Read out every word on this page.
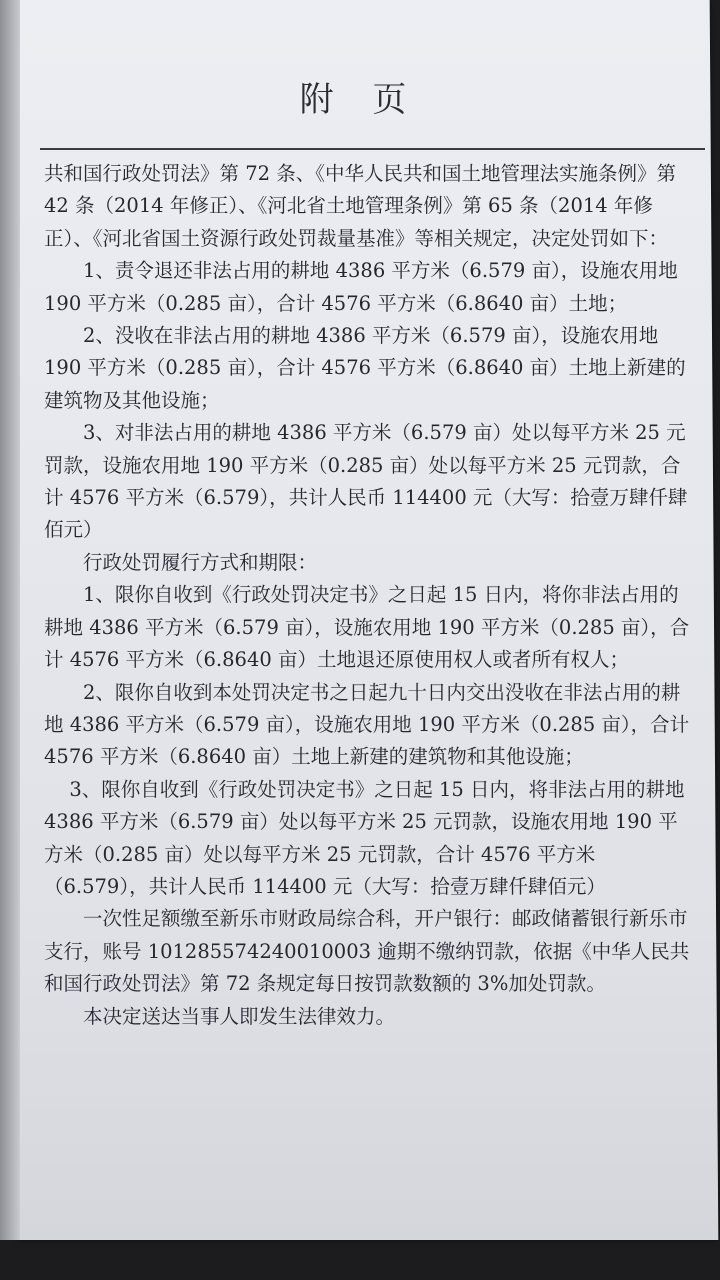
附 页

共和国行政处罚法》第 72 条、《中华人民共和国土地管理法实施条例》第 42 条（2014 年修正）、《河北省土地管理条例》第 65 条（2014 年修正）、《河北省国土资源行政处罚裁量基准》等相关规定，决定处罚如下：

1、责令退还非法占用的耕地 4386 平方米（6.579 亩），设施农用地 190 平方米（0.285 亩），合计 4576 平方米（6.8640 亩）土地；

2、没收在非法占用的耕地 4386 平方米（6.579 亩），设施农用地 190 平方米（0.285 亩），合计 4576 平方米（6.8640 亩）土地上新建的建筑物及其他设施；

3、对非法占用的耕地 4386 平方米（6.579 亩）处以每平方米 25 元罚款，设施农用地 190 平方米（0.285 亩）处以每平方米 25 元罚款，合计 4576 平方米（6.579），共计人民币 114400 元（大写：拾壹万肆仟肆佰元）

行政处罚履行方式和期限：

1、限你自收到《行政处罚决定书》之日起 15 日内，将你非法占用的耕地 4386 平方米（6.579 亩），设施农用地 190 平方米（0.285 亩），合计 4576 平方米（6.8640 亩）土地退还原使用权人或者所有权人；

2、限你自收到本处罚决定书之日起九十日内交出没收在非法占用的耕地 4386 平方米（6.579 亩），设施农用地 190 平方米（0.285 亩），合计 4576 平方米（6.8640 亩）土地上新建的建筑物和其他设施；

3、限你自收到《行政处罚决定书》之日起 15 日内，将非法占用的耕地 4386 平方米（6.579 亩）处以每平方米 25 元罚款，设施农用地 190 平方米（0.285 亩）处以每平方米 25 元罚款，合计 4576 平方米（6.579），共计人民币 114400 元（大写：拾壹万肆仟肆佰元）

一次性足额缴至新乐市财政局综合科，开户银行：邮政储蓄银行新乐市支行，账号 101285574240010003 逾期不缴纳罚款，依据《中华人民共和国行政处罚法》第 72 条规定每日按罚款数额的 3%加处罚款。

本决定送达当事人即发生法律效力。
